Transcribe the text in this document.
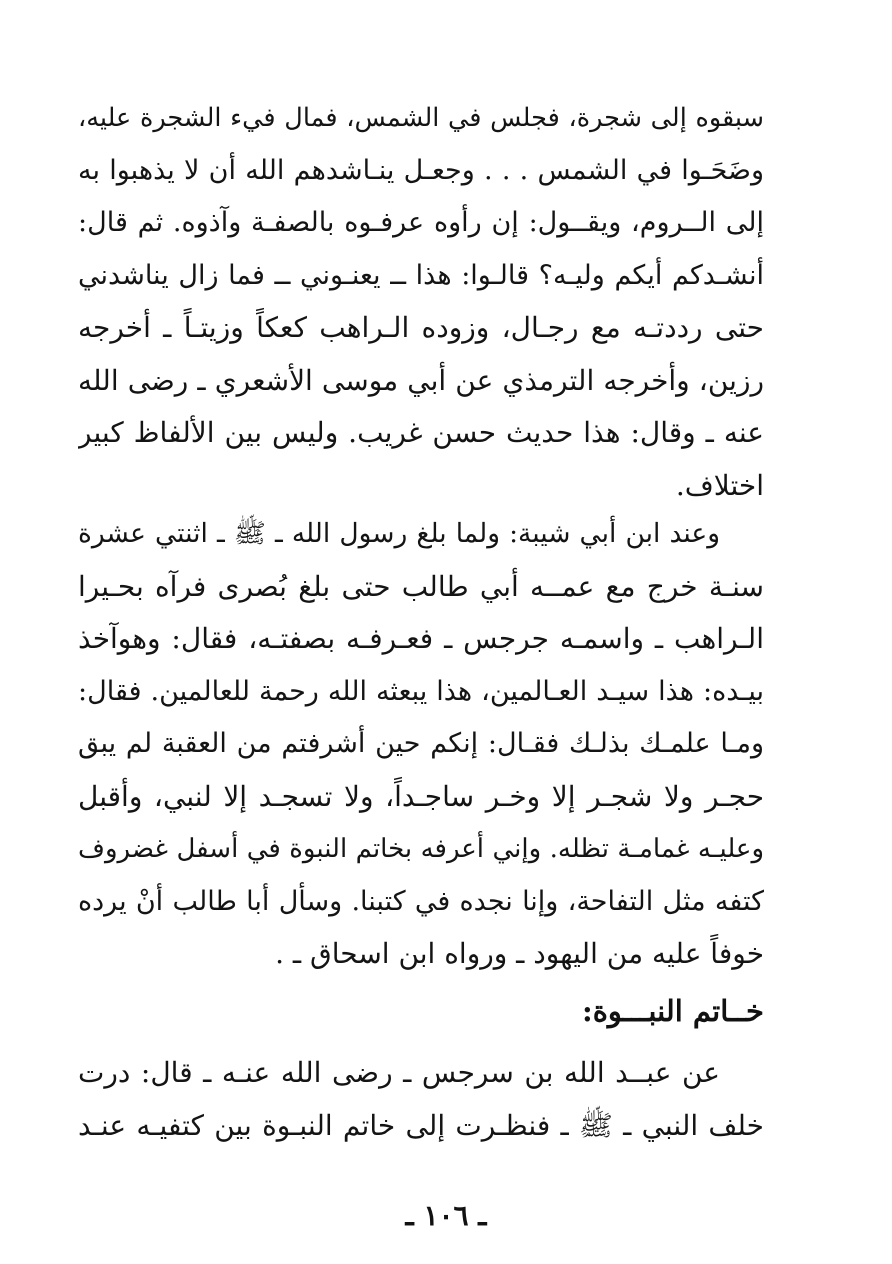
سبقوه إلى شجرة، فجلس في الشمس، فمال فيء الشجرة عليه،
وضَحَـوا في الشمس . . . وجعـل ينـاشدهم الله أن لا يذهبوا به
إلى الــروم، ويقــول: إن رأوه عرفـوه بالصفـة وآذوه. ثم قال:
أنشـدكم أيكم وليـه؟ قالـوا: هذا ــ يعنـوني ــ فما زال يناشدني
حتى رددتـه مع رجـال، وزوده الـراهب كعكاً وزيتـاً ـ أخرجه
رزين، وأخرجه الترمذي عن أبي موسى الأشعري ـ رضى الله
عنه ـ وقال: هذا حديث حسن غريب. وليس بين الألفاظ كبير
اختلاف.
وعند ابن أبي شيبة: ولما بلغ رسول الله ـ ﷺ ـ اثنتي عشرة
سنـة خرج مع عمــه أبي طالب حتى بلغ بُصرى فرآه بحـيرا
الـراهب ـ واسمـه جرجس ـ فعـرفـه بصفتـه، فقال: وهوآخذ
بيـده: هذا سيـد العـالمين، هذا يبعثه الله رحمة للعالمين. فقال:
ومـا علمـك بذلـك فقـال: إنكم حين أشرفتم من العقبة لم يبق
حجـر ولا شجـر إلا وخـر ساجـداً، ولا تسجـد إلا لنبي، وأقبل
وعليـه غمامـة تظله. وإني أعرفه بخاتم النبوة في أسفل غضروف
كتفه مثل التفاحة، وإنا نجده في كتبنا. وسأل أبا طالب أنْ يرده
خوفاً عليه من اليهود ـ ورواه ابن اسحاق ـ .
خــاتم النبـــوة:
عن عبــد الله بن سرجس ـ رضى الله عنـه ـ قال: درت
خلف النبي ـ ﷺ ـ فنظـرت إلى خاتم النبـوة بين كتفيـه عنـد
ـ ١٠٦ ـ
